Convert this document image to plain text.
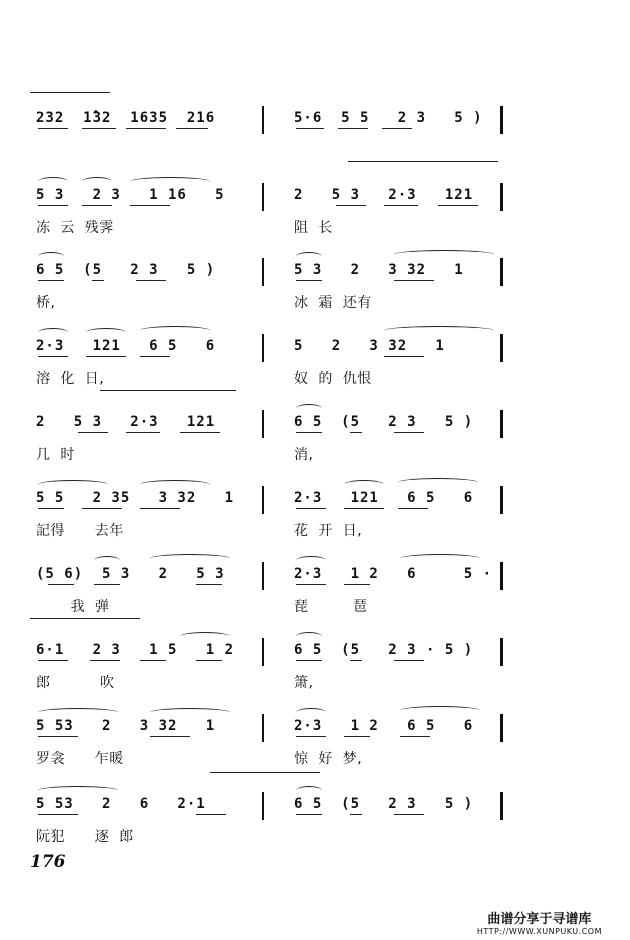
232  1̂32  1635  216	5·6  5 5   2 3   5 )
5 3   2 3   1 16   5
冻  云  残霁
2   5 3   2·3   121
阻  长
6 5  (5   2 3   5 )
桥,
5 3   2   3 32   1
冰  霜  还有
2·3   121   6 5   6
溶  化  日,
5   2   3 32   1
奴  的  仇恨
2   5 3   2·3   121
几  时
6 5  (5   2 3   5 )
消,
5 5   2 35   3 32   1
記得      去年
2·3   121   6 5   6
花  开  日,
(5 6)  5 3   2   5 3
我  弹
2·3   1 2   6     5 ·
琵         琶
6·1   2 3   1 5   1 2
郎          吹
6 5  (5   2 3 · 5 )
箫,
5 53   2   3 32   1
罗衾      乍暖
2·3   1 2   6 5   6
惊  好  梦,
5 53   2   6   2·1
阮犯      逐  郎
6 5  (5   2 3   5 )
176
曲谱分享于寻谱库
HTTP://WWW.XUNPUKU.COM
